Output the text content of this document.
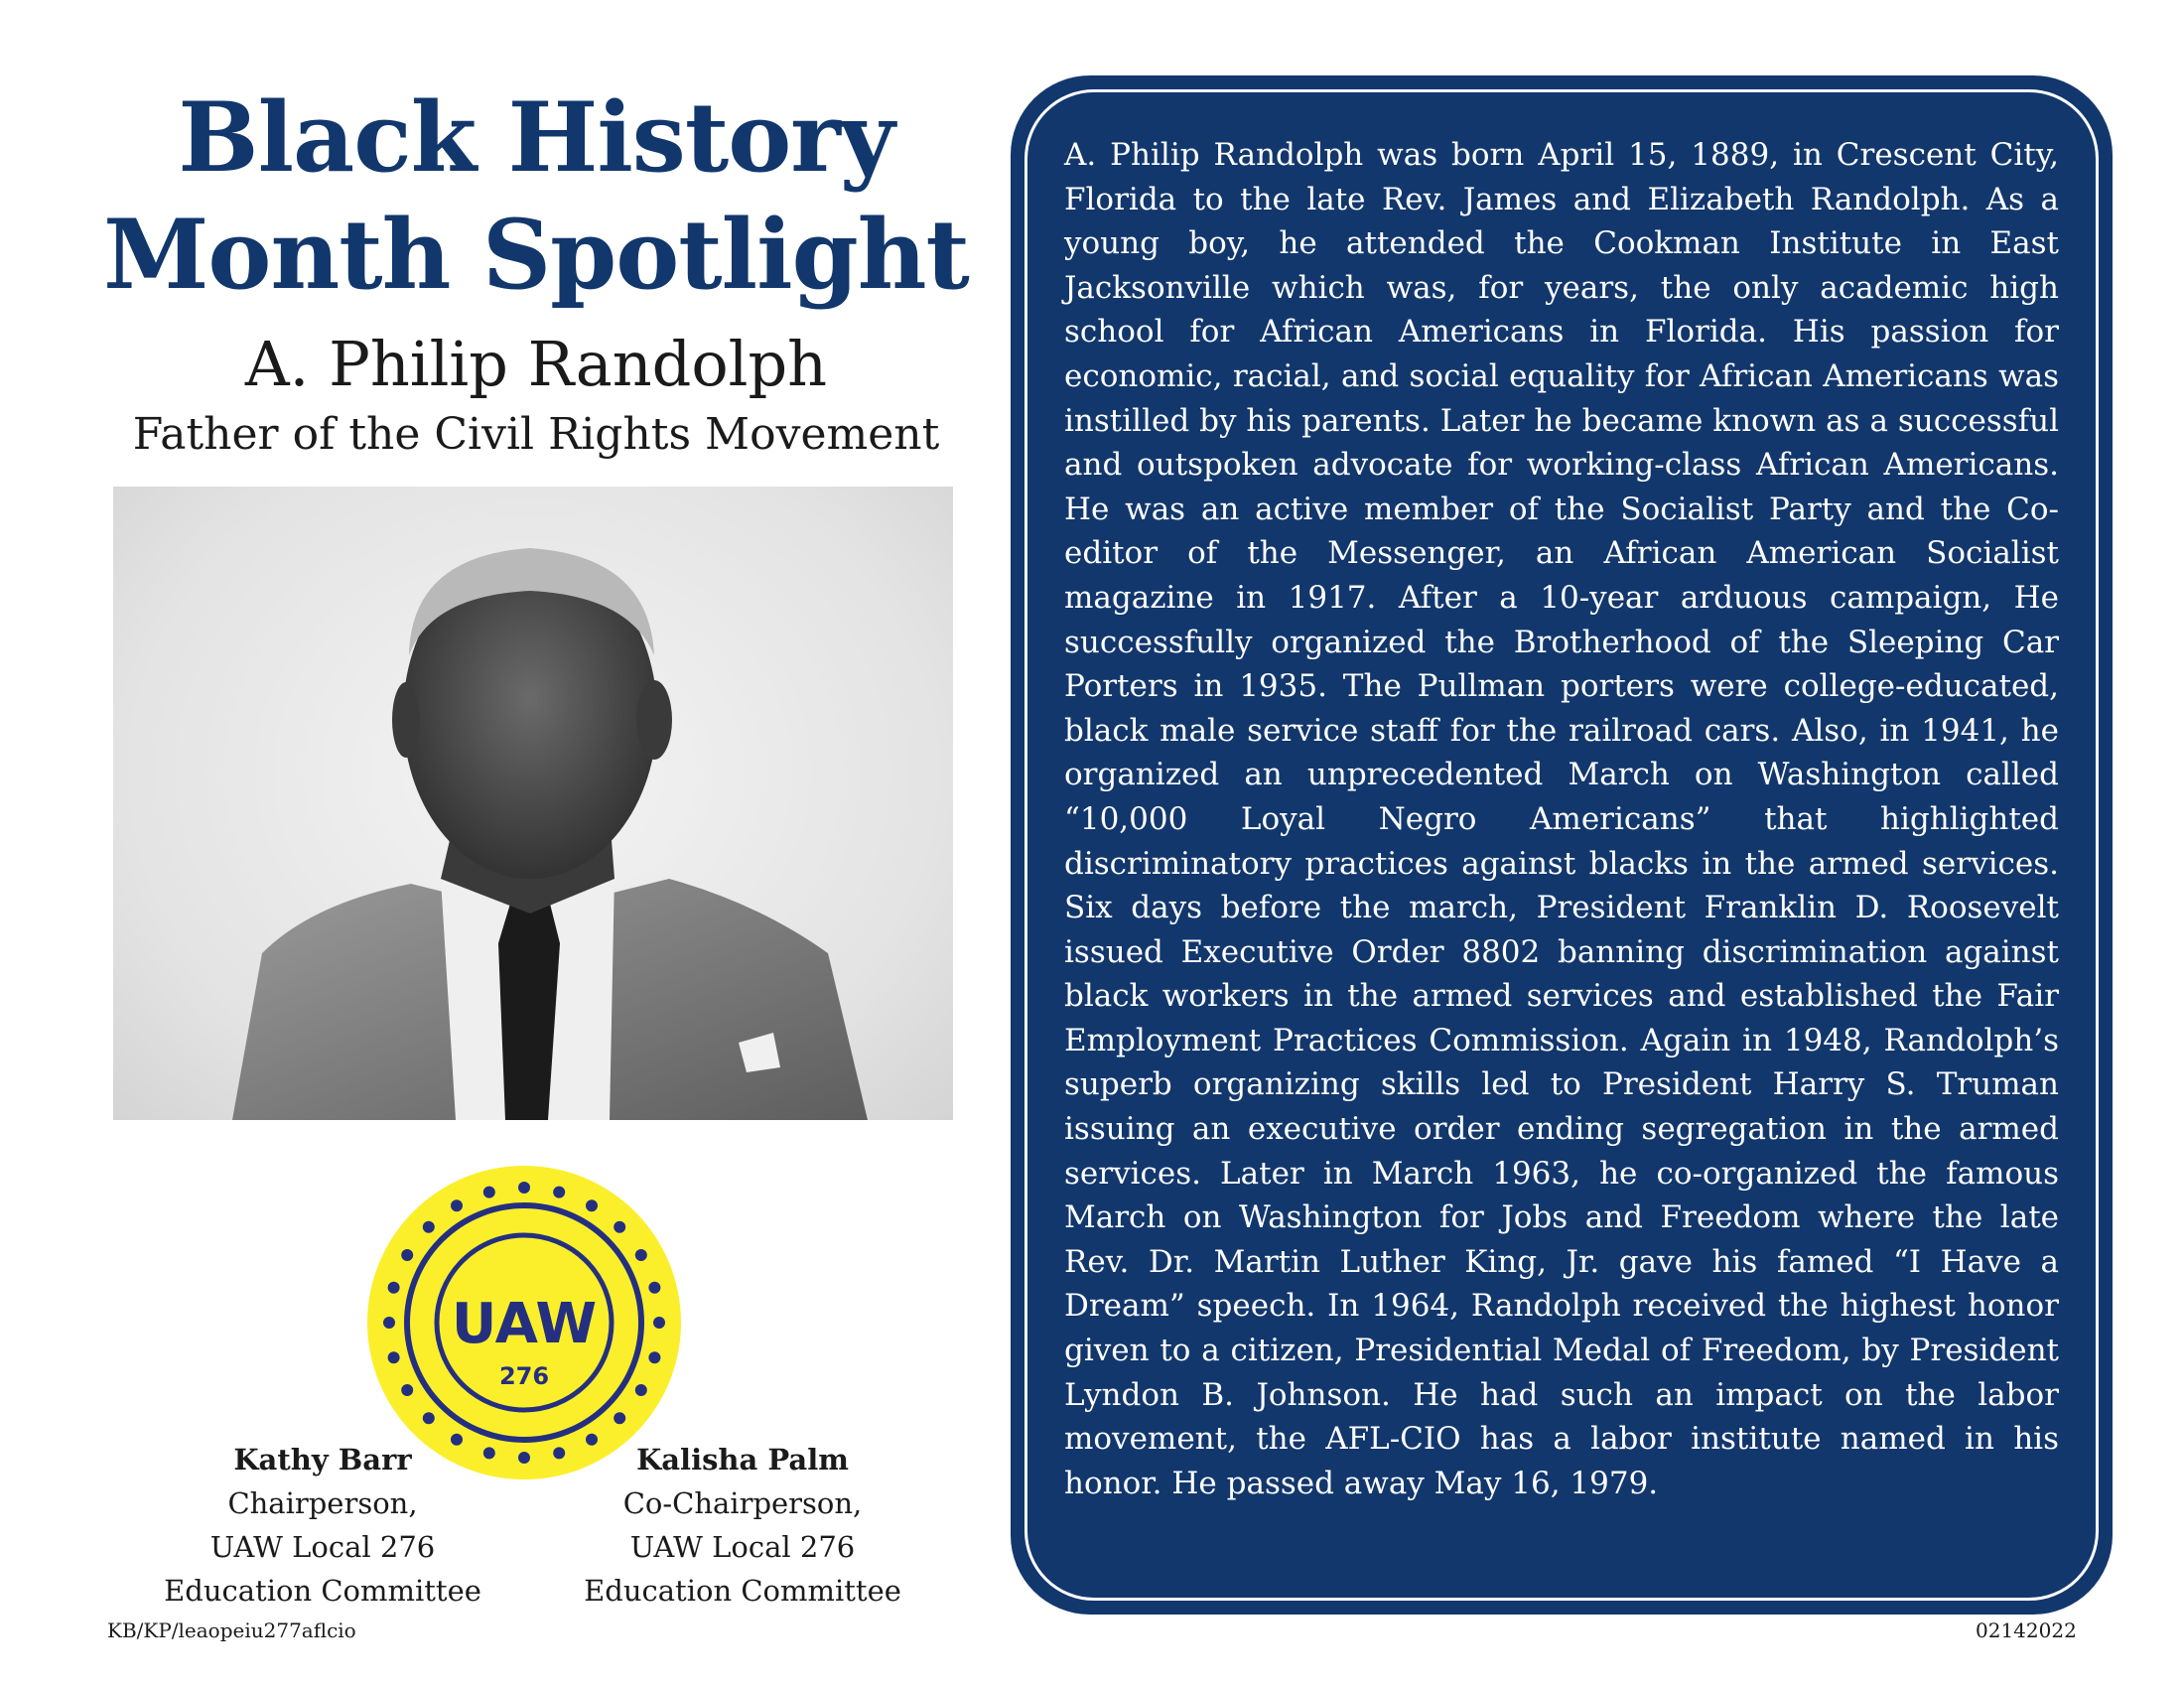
Black History
Month Spotlight
A. Philip Randolph
Father of the Civil Rights Movement
UAW
276
Kathy Barr
Chairperson,
UAW Local 276
Education Committee
Kalisha Palm
Co-Chairperson,
UAW Local 276
Education Committee
KB/KP/leaopeiu277aflcio	02142022
A. Philip Randolph was born April 15, 1889, in Crescent City, Florida to the late Rev. James and Elizabeth Randolph. As a young boy, he attended the Cookman Institute in East Jacksonville which was, for years, the only academic high school for African Americans in Florida. His passion for economic, racial, and social equality for African Americans was instilled by his parents. Later he became known as a successful and outspoken advocate for working-class African Americans. He was an active member of the Socialist Party and the Co-editor of the Messenger, an African American Socialist magazine in 1917. After a 10-year arduous campaign, He successfully organized the Brotherhood of the Sleeping Car Porters in 1935. The Pullman porters were college-educated, black male service staff for the railroad cars. Also, in 1941, he organized an unprecedented March on Washington called “10,000 Loyal Negro Americans” that highlighted discriminatory practices against blacks in the armed services. Six days before the march, President Franklin D. Roosevelt issued Executive Order 8802 banning discrimination against black workers in the armed services and established the Fair Employment Practices Commission. Again in 1948, Randolph’s superb organizing skills led to President Harry S. Truman issuing an executive order ending segregation in the armed services. Later in March 1963, he co-organized the famous March on Washington for Jobs and Freedom where the late Rev. Dr. Martin Luther King, Jr. gave his famed “I Have a Dream” speech. In 1964, Randolph received the highest honor given to a citizen, Presidential Medal of Freedom, by President Lyndon B. Johnson. He had such an impact on the labor movement, the AFL-CIO has a labor institute named in his honor. He passed away May 16, 1979.
